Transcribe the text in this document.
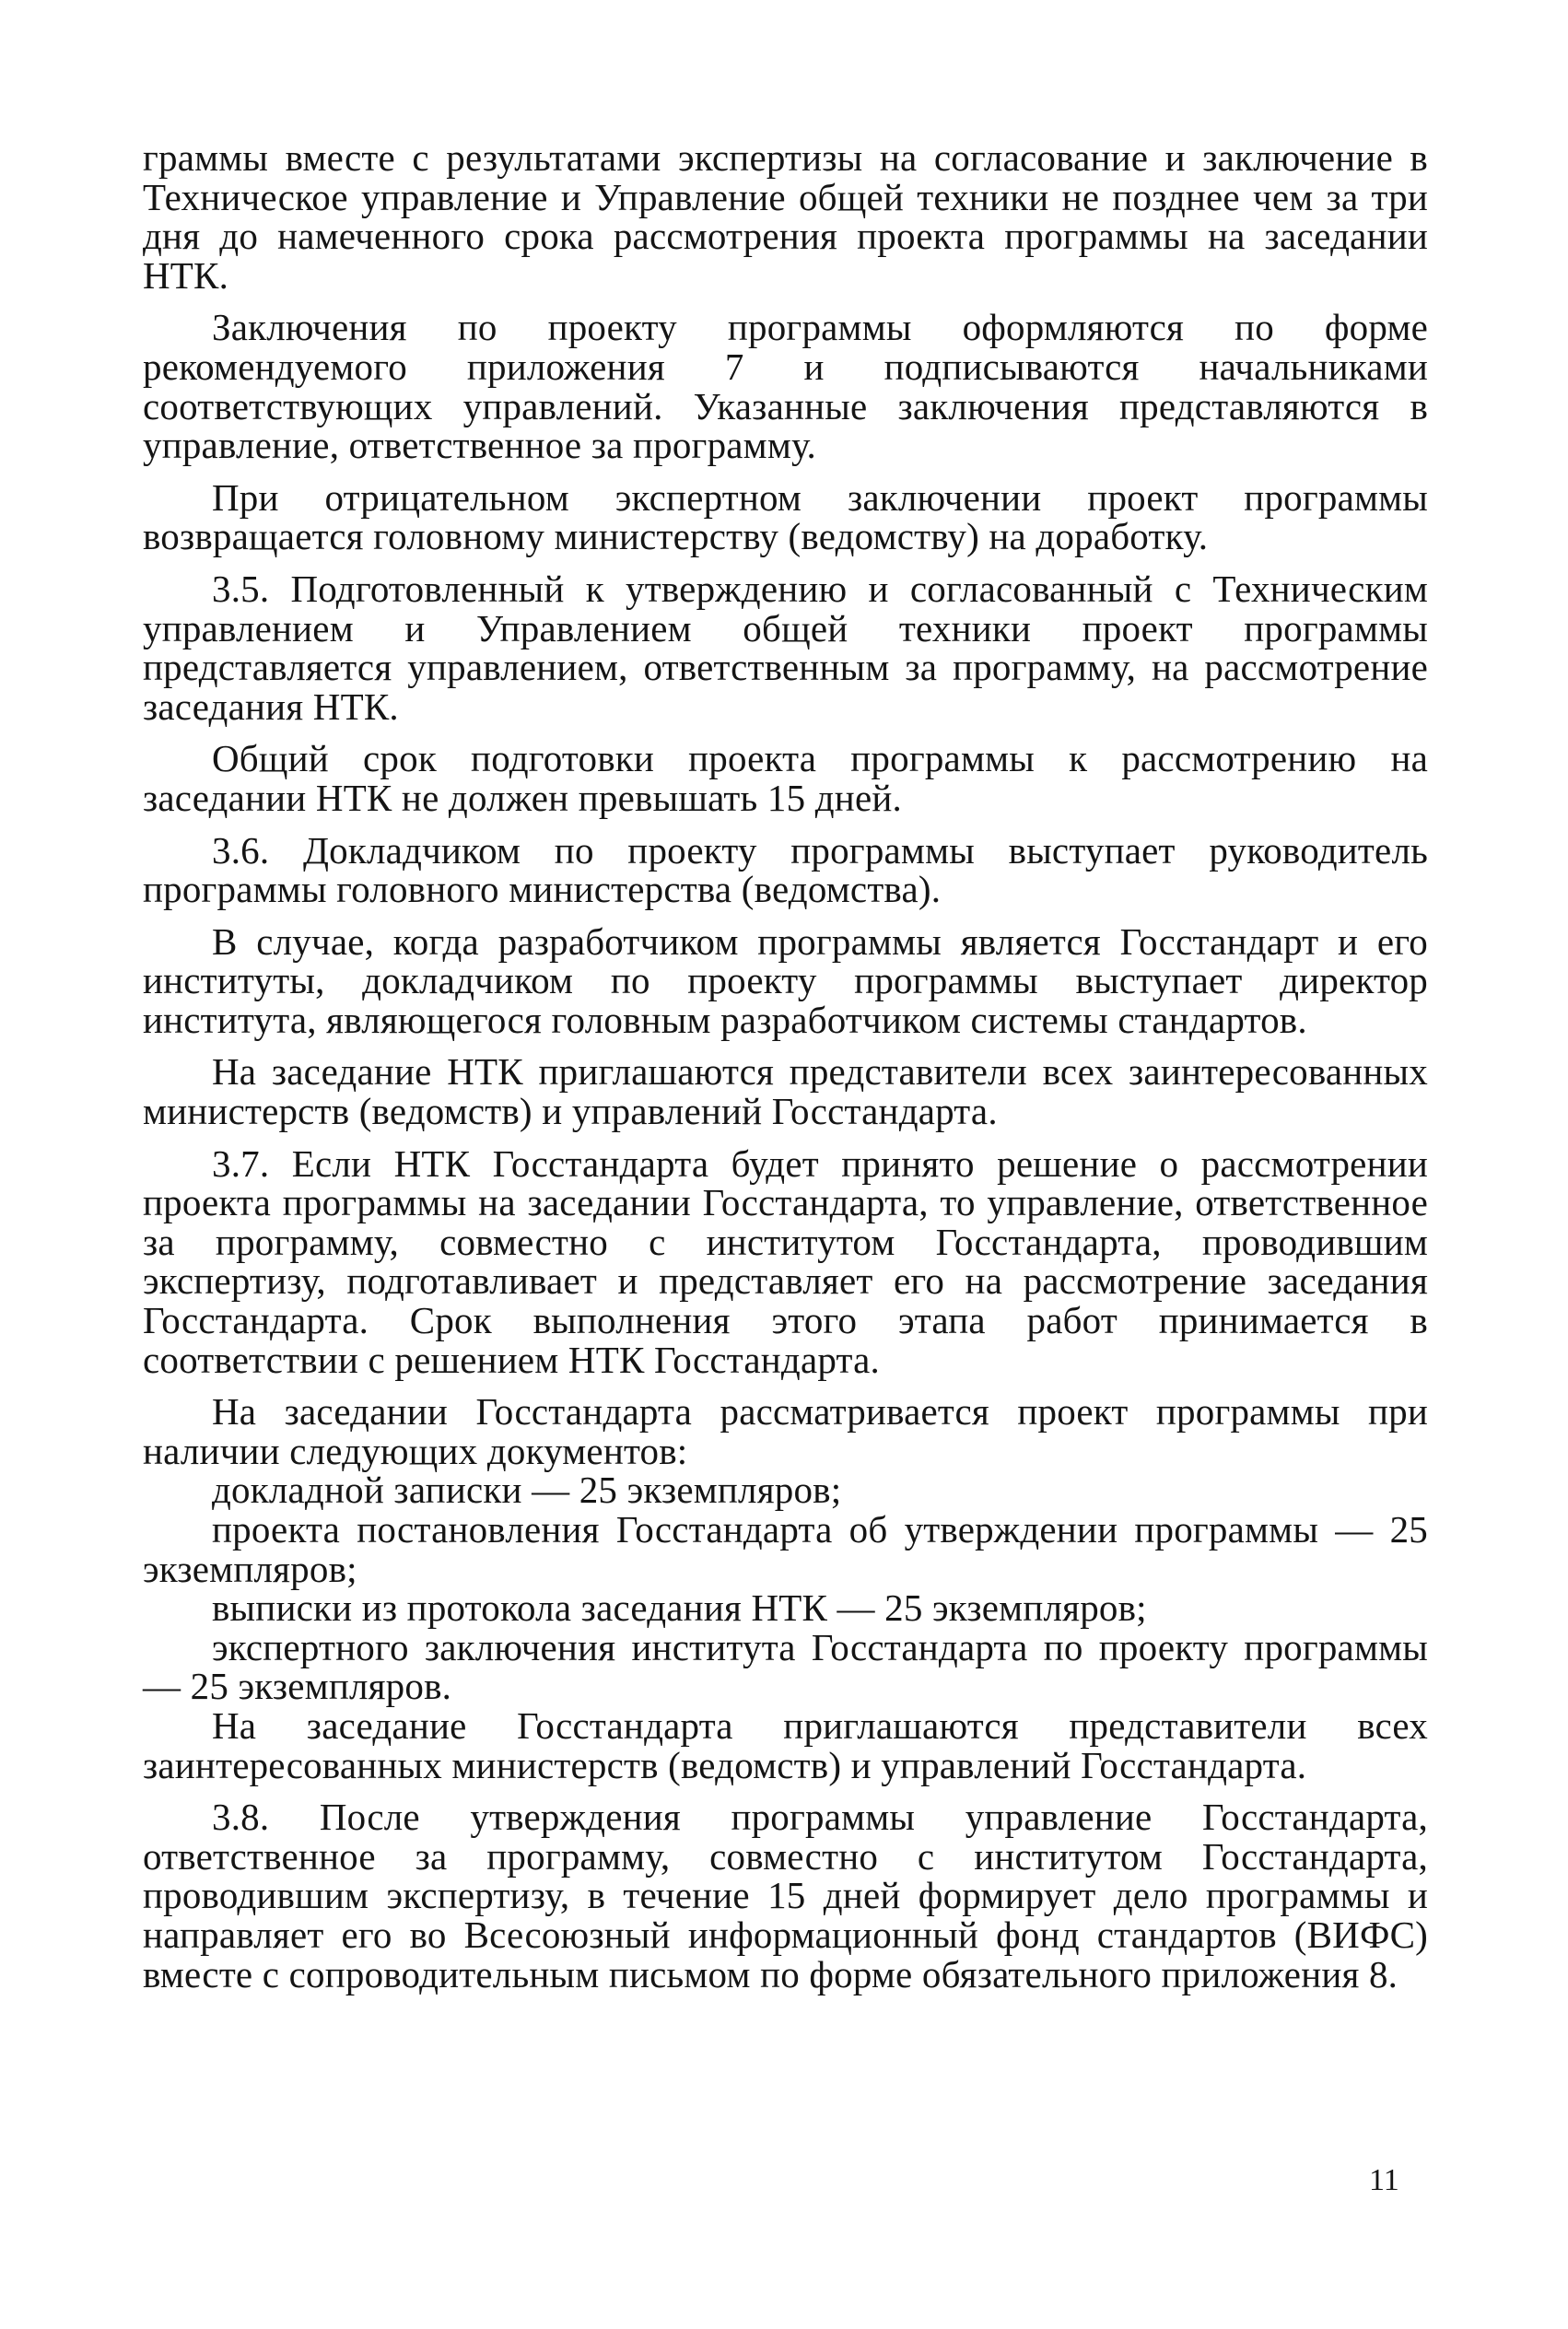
граммы вместе с результатами экспертизы на согласование и заключение в Техническое управление и Управление общей техники не позднее чем за три дня до намеченного срока рассмотрения проекта программы на заседании НТК.

Заключения по проекту программы оформляются по форме рекомендуемого приложения 7 и подписываются начальниками соответствующих управлений. Указанные заключения представляются в управление, ответственное за программу.

При отрицательном экспертном заключении проект программы возвращается головному министерству (ведомству) на доработку.

3.5. Подготовленный к утверждению и согласованный с Техническим управлением и Управлением общей техники проект программы представляется управлением, ответственным за программу, на рассмотрение заседания НТК.

Общий срок подготовки проекта программы к рассмотрению на заседании НТК не должен превышать 15 дней.

3.6. Докладчиком по проекту программы выступает руководитель программы головного министерства (ведомства).

В случае, когда разработчиком программы является Госстандарт и его институты, докладчиком по проекту программы выступает директор института, являющегося головным разработчиком системы стандартов.

На заседание НТК приглашаются представители всех заинтересованных министерств (ведомств) и управлений Госстандарта.

3.7. Если НТК Госстандарта будет принято решение о рассмотрении проекта программы на заседании Госстандарта, то управление, ответственное за программу, совместно с институтом Госстандарта, проводившим экспертизу, подготавливает и представляет его на рассмотрение заседания Госстандарта. Срок выполнения этого этапа работ принимается в соответствии с решением НТК Госстандарта.

На заседании Госстандарта рассматривается проект программы при наличии следующих документов:

докладной записки — 25 экземпляров;

проекта постановления Госстандарта об утверждении программы — 25 экземпляров;

выписки из протокола заседания НТК — 25 экземпляров;

экспертного заключения института Госстандарта по проекту программы — 25 экземпляров.

На заседание Госстандарта приглашаются представители всех заинтересованных министерств (ведомств) и управлений Госстандарта.

3.8. После утверждения программы управление Госстандарта, ответственное за программу, совместно с институтом Госстандарта, проводившим экспертизу, в течение 15 дней формирует дело программы и направляет его во Всесоюзный информационный фонд стандартов (ВИФС) вместе с сопроводительным письмом по форме обязательного приложения 8.

11
